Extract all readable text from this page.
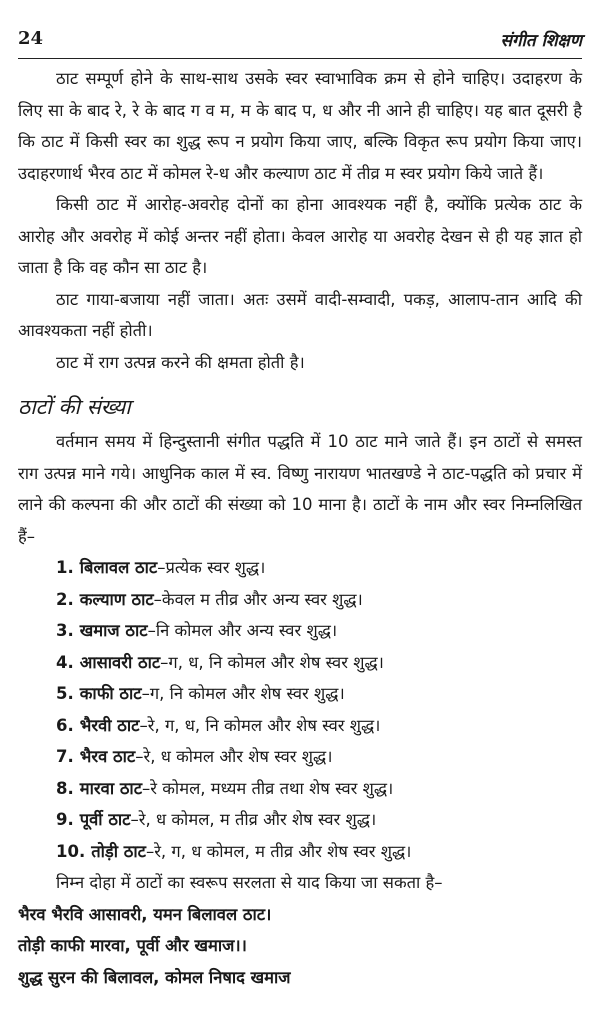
24	संगीत शिक्षण

ठाट सम्पूर्ण होने के साथ-साथ उसके स्वर स्वाभाविक क्रम से होने चाहिए। उदाहरण के लिए सा के बाद रे, रे के बाद ग व म, म के बाद प, ध और नी आने ही चाहिए। यह बात दूसरी है कि ठाट में किसी स्वर का शुद्ध रूप न प्रयोग किया जाए, बल्कि विकृत रूप प्रयोग किया जाए। उदाहरणार्थ भैरव ठाट में कोमल रे-ध और कल्याण ठाट में तीव्र म स्वर प्रयोग किये जाते हैं।

किसी ठाट में आरोह-अवरोह दोनों का होना आवश्यक नहीं है, क्योंकि प्रत्येक ठाट के आरोह और अवरोह में कोई अन्तर नहीं होता। केवल आरोह या अवरोह देखन से ही यह ज्ञात हो जाता है कि वह कौन सा ठाट है।

ठाट गाया-बजाया नहीं जाता। अतः उसमें वादी-सम्वादी, पकड़, आलाप-तान आदि की आवश्यकता नहीं होती।

ठाट में राग उत्पन्न करने की क्षमता होती है।

ठाटों की संख्या

वर्तमान समय में हिन्दुस्तानी संगीत पद्धति में 10 ठाट माने जाते हैं। इन ठाटों से समस्त राग उत्पन्न माने गये। आधुनिक काल में स्व. विष्णु नारायण भातखण्डे ने ठाट-पद्धति को प्रचार में लाने की कल्पना की और ठाटों की संख्या को 10 माना है। ठाटों के नाम और स्वर निम्नलिखित हैं–

1. बिलावल ठाट–प्रत्येक स्वर शुद्ध।
2. कल्याण ठाट–केवल म तीव्र और अन्य स्वर शुद्ध।
3. खमाज ठाट–नि कोमल और अन्य स्वर शुद्ध।
4. आसावरी ठाट–ग, ध, नि कोमल और शेष स्वर शुद्ध।
5. काफी ठाट–ग, नि कोमल और शेष स्वर शुद्ध।
6. भैरवी ठाट–रे, ग, ध, नि कोमल और शेष स्वर शुद्ध।
7. भैरव ठाट–रे, ध कोमल और शेष स्वर शुद्ध।
8. मारवा ठाट–रे कोमल, मध्यम तीव्र तथा शेष स्वर शुद्ध।
9. पूर्वी ठाट–रे, ध कोमल, म तीव्र और शेष स्वर शुद्ध।
10. तोड़ी ठाट–रे, ग, ध कोमल, म तीव्र और शेष स्वर शुद्ध।

निम्न दोहा में ठाटों का स्वरूप सरलता से याद किया जा सकता है–

भैरव भैरवि आसावरी, यमन बिलावल ठाट।

तोड़ी काफी मारवा, पूर्वी और खमाज।।

शुद्ध सुरन की बिलावल, कोमल निषाद खमाज
